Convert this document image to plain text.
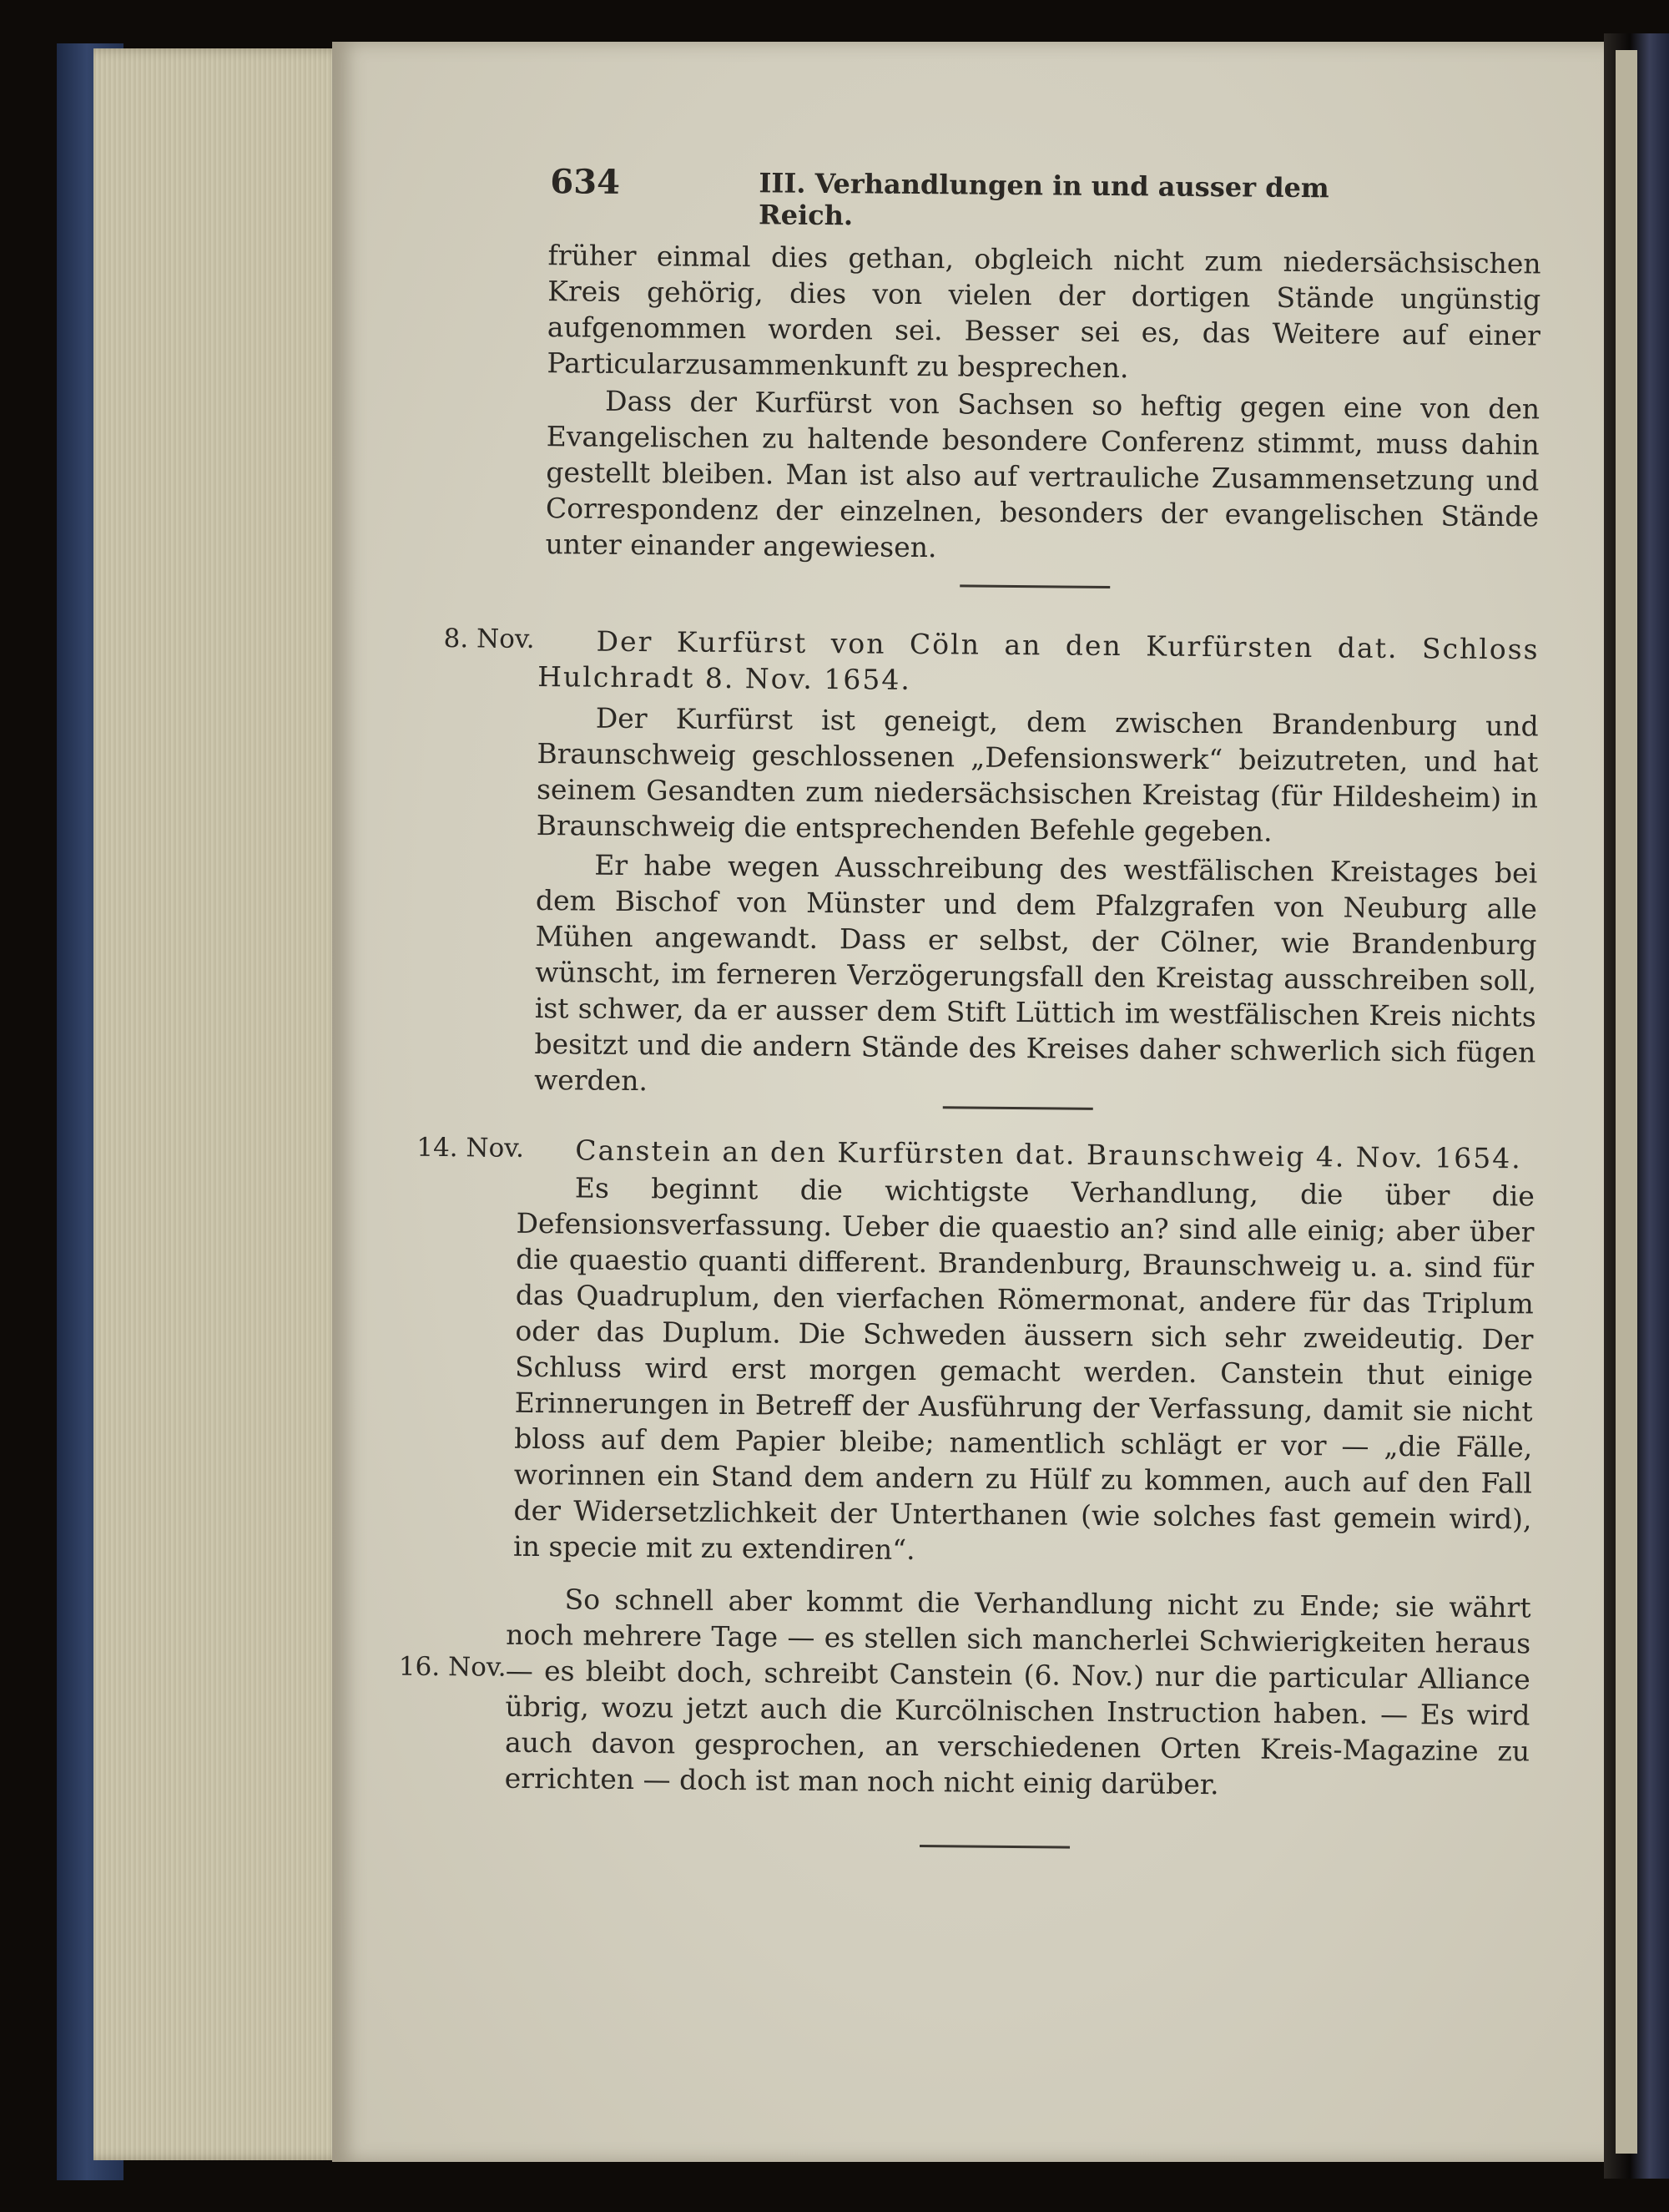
634	III. Verhandlungen in und ausser dem Reich.

früher einmal dies gethan, obgleich nicht zum niedersächsischen Kreis gehörig, dies von vielen der dortigen Stände ungünstig aufgenommen worden sei. Besser sei es, das Weitere auf einer Particularzusammenkunft zu besprechen.

Dass der Kurfürst von Sachsen so heftig gegen eine von den Evangelischen zu haltende besondere Conferenz stimmt, muss dahin gestellt bleiben. Man ist also auf vertrauliche Zusammensetzung und Correspondenz der einzelnen, besonders der evangelischen Stände unter einander angewiesen.

8. Nov.	Der Kurfürst von Cöln an den Kurfürsten dat. Schloss Hulchradt 8. Nov. 1654.

Der Kurfürst ist geneigt, dem zwischen Brandenburg und Braunschweig geschlossenen „Defensionswerk“ beizutreten, und hat seinem Gesandten zum niedersächsischen Kreistag (für Hildesheim) in Braunschweig die entsprechenden Befehle gegeben.

Er habe wegen Ausschreibung des westfälischen Kreistages bei dem Bischof von Münster und dem Pfalzgrafen von Neuburg alle Mühen angewandt. Dass er selbst, der Cölner, wie Brandenburg wünscht, im ferneren Verzögerungsfall den Kreistag ausschreiben soll, ist schwer, da er ausser dem Stift Lüttich im westfälischen Kreis nichts besitzt und die andern Stände des Kreises daher schwerlich sich fügen werden.

14. Nov.	Canstein an den Kurfürsten dat. Braunschweig 4. Nov. 1654.

Es beginnt die wichtigste Verhandlung, die über die Defensionsverfassung. Ueber die quaestio an? sind alle einig; aber über die quaestio quanti different. Brandenburg, Braunschweig u. a. sind für das Quadruplum, den vierfachen Römermonat, andere für das Triplum oder das Duplum. Die Schweden äussern sich sehr zweideutig. Der Schluss wird erst morgen gemacht werden. Canstein thut einige Erinnerungen in Betreff der Ausführung der Verfassung, damit sie nicht bloss auf dem Papier bleibe; namentlich schlägt er vor — „die Fälle, worinnen ein Stand dem andern zu Hülf zu kommen, auch auf den Fall der Widersetzlichkeit der Unterthanen (wie solches fast gemein wird), in specie mit zu extendiren“.

16. Nov.

So schnell aber kommt die Verhandlung nicht zu Ende; sie währt noch mehrere Tage — es stellen sich mancherlei Schwierigkeiten heraus — es bleibt doch, schreibt Canstein (6. Nov.) nur die particular Alliance übrig, wozu jetzt auch die Kurcölnischen Instruction haben. — Es wird auch davon gesprochen, an verschiedenen Orten Kreis-Magazine zu errichten — doch ist man noch nicht einig darüber.
